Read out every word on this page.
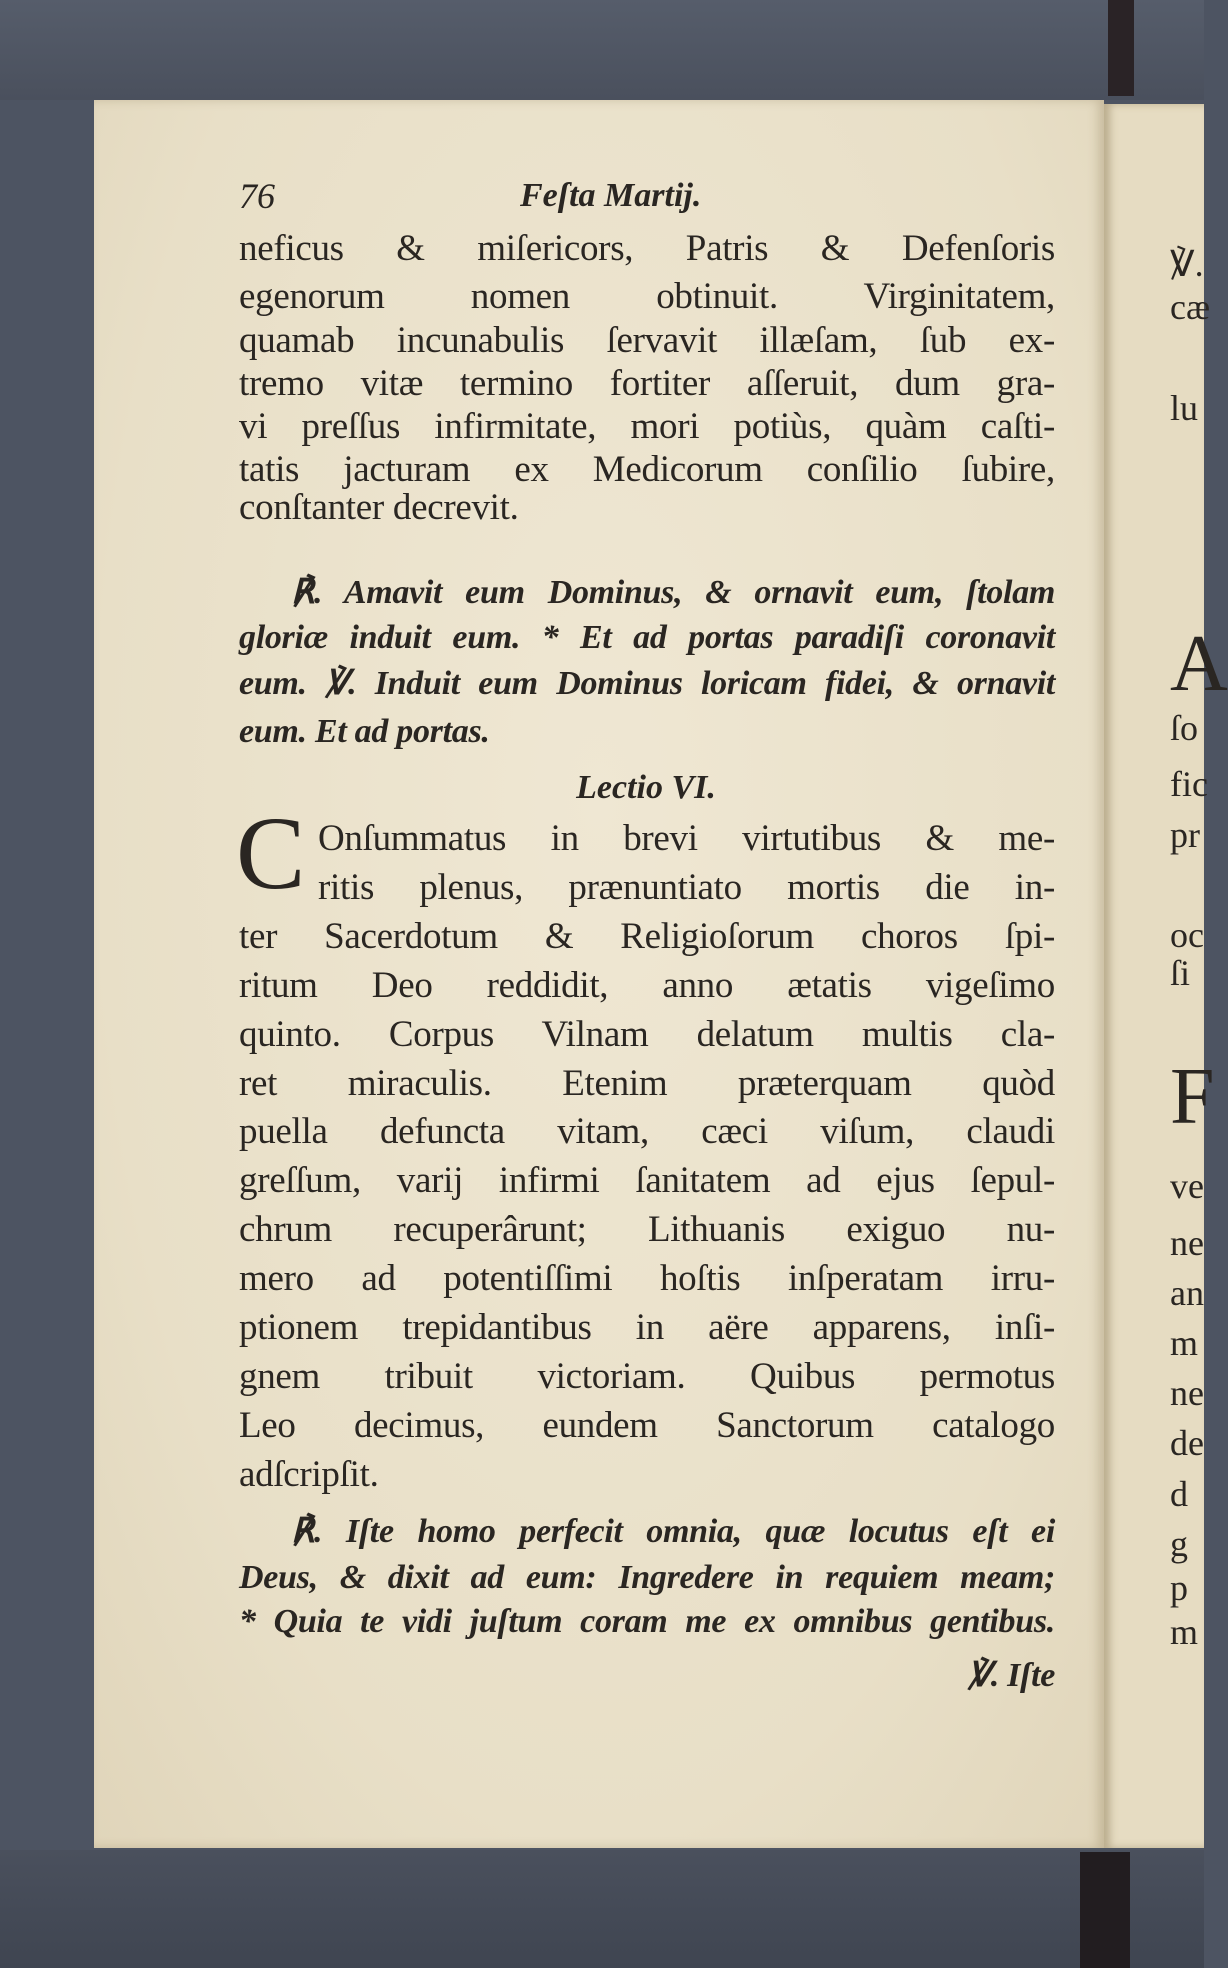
℣.
cæ
lu
A
ſo
fic
pr
oc
ſi
F
ve
ne
an
m
ne
de
d
g
p
m
76	Feſta Martij.
neficus & miſericors, Patris & Defenſoris
egenorum nomen obtinuit. Virginitatem,
quamab incunabulis ſervavit illæſam, ſub ex-
tremo vitæ termino fortiter aſſeruit, dum gra-
vi preſſus infirmitate, mori potiùs, quàm caſti-
tatis jacturam ex Medicorum conſilio ſubire,
conſtanter decrevit.
℟. Amavit eum Dominus, & ornavit eum, ſtolam
gloriæ induit eum. * Et ad portas paradiſi coronavit
eum. ℣. Induit eum Dominus loricam fidei, & ornavit
eum. Et ad portas.
Onſummatus in brevi virtutibus & me-
ritis plenus, prænuntiato mortis die in-
ter Sacerdotum & Religioſorum choros ſpi-
ritum Deo reddidit, anno ætatis vigeſimo
quinto. Corpus Vilnam delatum multis cla-
ret miraculis. Etenim præterquam quòd
puella defuncta vitam, cæci viſum, claudi
greſſum, varij infirmi ſanitatem ad ejus ſepul-
chrum recuperârunt; Lithuanis exiguo nu-
mero ad potentiſſimi hoſtis inſperatam irru-
ptionem trepidantibus in aëre apparens, inſi-
gnem tribuit victoriam. Quibus permotus
Leo decimus, eundem Sanctorum catalogo
adſcripſit.
℟. Iſte homo perfecit omnia, quæ locutus eſt ei
Deus, & dixit ad eum: Ingredere in requiem meam;
* Quia te vidi juſtum coram me ex omnibus gentibus.
℣. Iſte
Lectio VI.
C
